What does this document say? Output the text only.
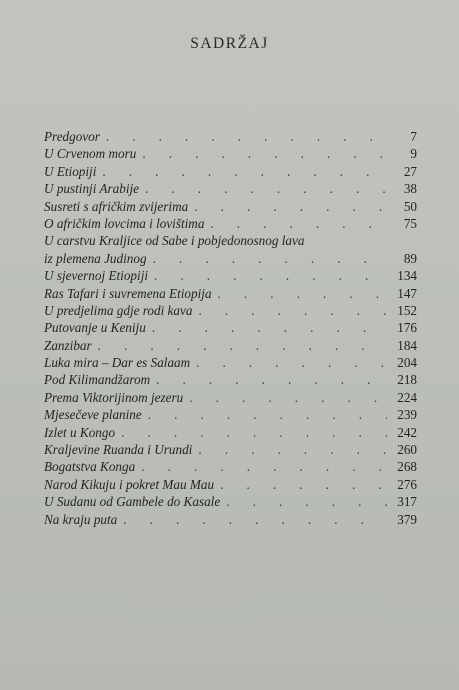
SADRŽAJ
Predgovor .	7
U Crvenom moru .	9
U Etiopiji .	27
U pustinji Arabije .	38
Susreti s afričkim zvijerima .	50
O afričkim lovcima i lovištima .	75
U carstvu Kraljice od Sabe i pobjedonosnog lava
iz plemena Judinog .	89
U sjevernoj Etiopiji .	134
Ras Tafari i suvremena Etiopija .	147
U predjelima gdje rodi kava .	152
Putovanje u Keniju .	176
Zanzibar .	184
Luka mira – Dar es Salaam .	204
Pod Kilimandžarom .	218
Prema Viktorijinom jezeru .	224
Mjesečeve planine .	239
Izlet u Kongo .	242
Kraljevine Ruanda i Urundi .	260
Bogatstva Konga .	268
Narod Kikuju i pokret Mau Mau .	276
U Sudanu od Gambele do Kasale .	317
Na kraju puta .	379
